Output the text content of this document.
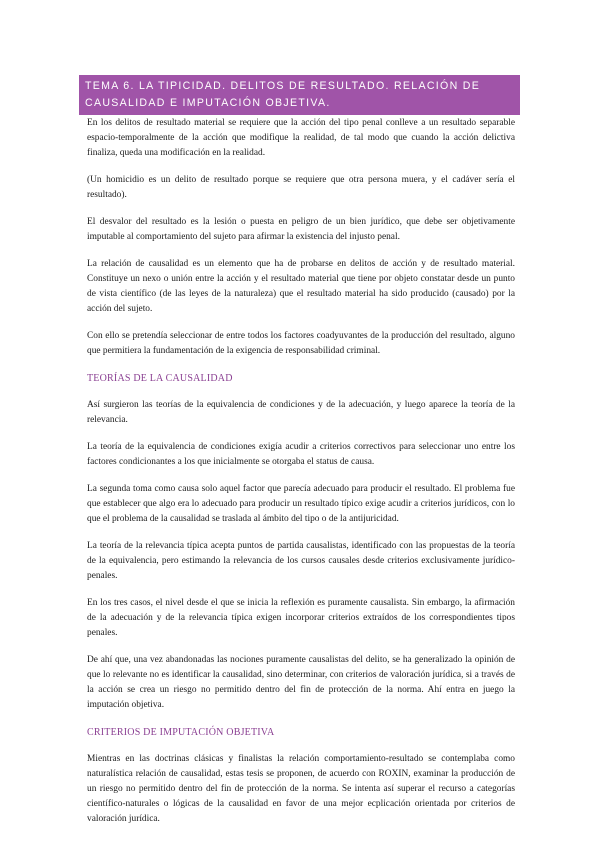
TEMA 6. LA TIPICIDAD. DELITOS DE RESULTADO. RELACIÓN DE CAUSALIDAD E IMPUTACIÓN OBJETIVA.

En los delitos de resultado material se requiere que la acción del tipo penal conlleve a un resultado separable espacio-temporalmente de la acción que modifique la realidad, de tal modo que cuando la acción delictiva finaliza, queda una modificación en la realidad.

(Un homicidio es un delito de resultado porque se requiere que otra persona muera, y el cadáver sería el resultado).

El desvalor del resultado es la lesión o puesta en peligro de un bien jurídico, que debe ser objetivamente imputable al comportamiento del sujeto para afirmar la existencia del injusto penal.

La relación de causalidad es un elemento que ha de probarse en delitos de acción y de resultado material. Constituye un nexo o unión entre la acción y el resultado material que tiene por objeto constatar desde un punto de vista científico (de las leyes de la naturaleza) que el resultado material ha sido producido (causado) por la acción del sujeto.

Con ello se pretendía seleccionar de entre todos los factores coadyuvantes de la producción del resultado, alguno que permitiera la fundamentación de la exigencia de responsabilidad criminal.

TEORÍAS DE LA CAUSALIDAD

Así surgieron las teorías de la equivalencia de condiciones y de la adecuación, y luego aparece la teoría de la relevancia.

La teoría de la equivalencia de condiciones exigía acudir a criterios correctivos para seleccionar uno entre los factores condicionantes a los que inicialmente se otorgaba el status de causa.

La segunda toma como causa solo aquel factor que parecía adecuado para producir el resultado. El problema fue que establecer que algo era lo adecuado para producir un resultado típico exige acudir a criterios jurídicos, con lo que el problema de la causalidad se traslada al ámbito del tipo o de la antijuricidad.

La teoría de la relevancia típica acepta puntos de partida causalistas, identificado con las propuestas de la teoría de la equivalencia, pero estimando la relevancia de los cursos causales desde criterios exclusivamente jurídico-penales.

En los tres casos, el nivel desde el que se inicia la reflexión es puramente causalista. Sin embargo, la afirmación de la adecuación y de la relevancia típica exigen incorporar criterios extraídos de los correspondientes tipos penales.

De ahí que, una vez abandonadas las nociones puramente causalistas del delito, se ha generalizado la opinión de que lo relevante no es identificar la causalidad, sino determinar, con criterios de valoración jurídica, si a través de la acción se crea un riesgo no permitido dentro del fin de protección de la norma. Ahí entra en juego la imputación objetiva.

CRITERIOS DE IMPUTACIÓN OBJETIVA

Mientras en las doctrinas clásicas y finalistas la relación comportamiento-resultado se contemplaba como naturalística relación de causalidad, estas tesis se proponen, de acuerdo con ROXIN, examinar la producción de un riesgo no permitido dentro del fin de protección de la norma. Se intenta así superar el recurso a categorías científico-naturales o lógicas de la causalidad en favor de una mejor ecplicación orientada por criterios de valoración jurídica.
